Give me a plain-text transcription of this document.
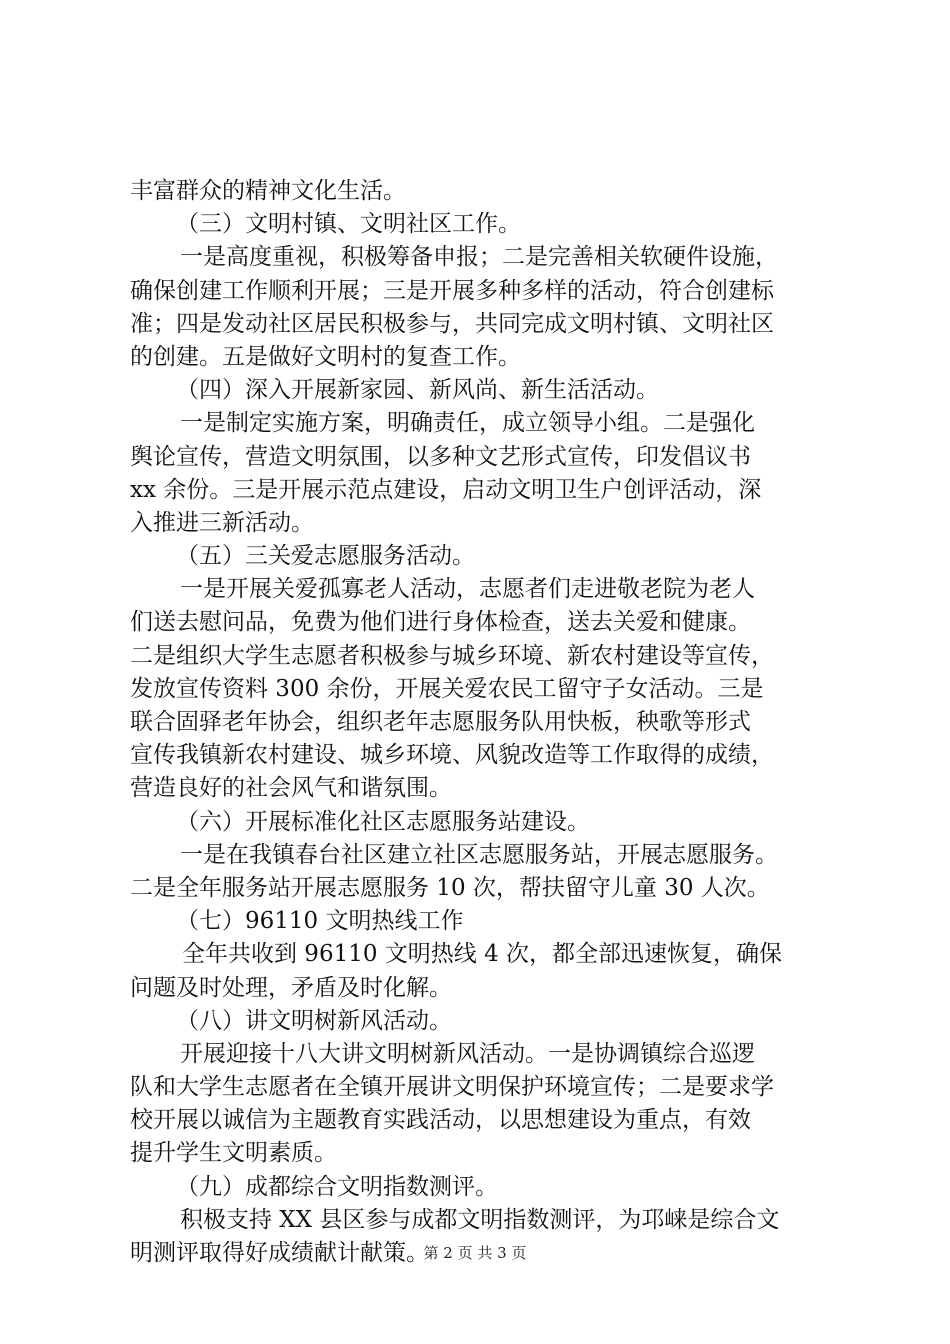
丰富群众的精神文化生活。
（三）文明村镇、文明社区工作。
一是高度重视，积极筹备申报；二是完善相关软硬件设施，
确保创建工作顺利开展；三是开展多种多样的活动，符合创建标
准；四是发动社区居民积极参与，共同完成文明村镇、文明社区
的创建。五是做好文明村的复查工作。
（四）深入开展新家园、新风尚、新生活活动。
一是制定实施方案，明确责任，成立领导小组。二是强化
舆论宣传，营造文明氛围，以多种文艺形式宣传，印发倡议书
xx 余份。三是开展示范点建设，启动文明卫生户创评活动，深
入推进三新活动。
（五）三关爱志愿服务活动。
一是开展关爱孤寡老人活动，志愿者们走进敬老院为老人
们送去慰问品，免费为他们进行身体检查，送去关爱和健康。
二是组织大学生志愿者积极参与城乡环境、新农村建设等宣传，
发放宣传资料 300 余份，开展关爱农民工留守子女活动。三是
联合固驿老年协会，组织老年志愿服务队用快板，秧歌等形式
宣传我镇新农村建设、城乡环境、风貌改造等工作取得的成绩，
营造良好的社会风气和谐氛围。
（六）开展标准化社区志愿服务站建设。
一是在我镇春台社区建立社区志愿服务站，开展志愿服务。
二是全年服务站开展志愿服务 10 次，帮扶留守儿童 30 人次。
（七）96110 文明热线工作
全年共收到 96110 文明热线 4 次，都全部迅速恢复，确保
问题及时处理，矛盾及时化解。
（八）讲文明树新风活动。
开展迎接十八大讲文明树新风活动。一是协调镇综合巡逻
队和大学生志愿者在全镇开展讲文明保护环境宣传；二是要求学
校开展以诚信为主题教育实践活动，以思想建设为重点，有效
提升学生文明素质。
（九）成都综合文明指数测评。
积极支持 XX 县区参与成都文明指数测评，为邛崃是综合文
明测评取得好成绩献计献策。
第 2 页 共 3 页
